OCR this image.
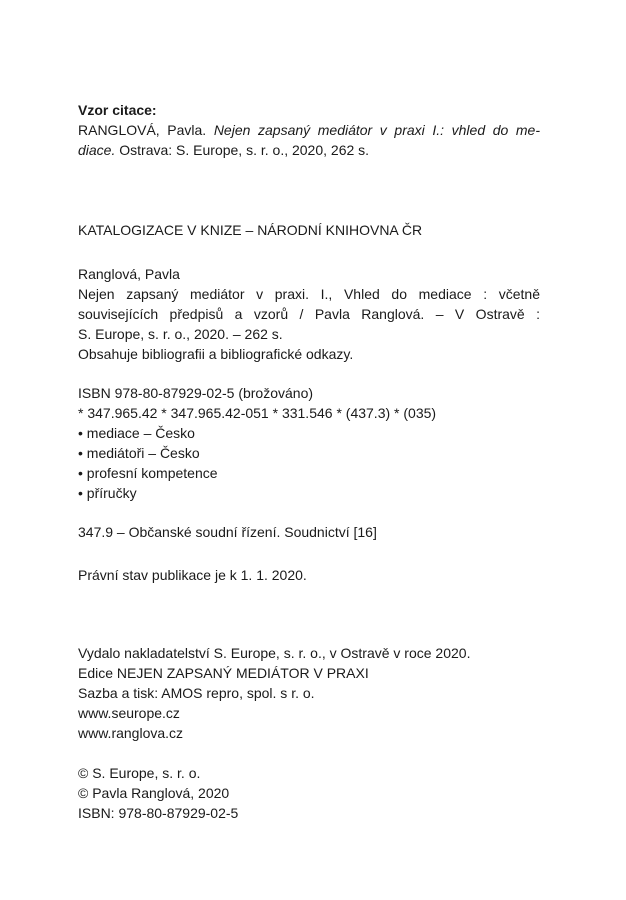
Vzor citace:
RANGLOVÁ, Pavla. Nejen zapsaný mediátor v praxi I.: vhled do me-
diace. Ostrava: S. Europe, s. r. o., 2020, 262 s.
KATALOGIZACE V KNIZE – NÁRODNÍ KNIHOVNA ČR
Ranglová, Pavla
Nejen zapsaný mediátor v praxi. I., Vhled do mediace : včetně
souvisejících předpisů a vzorů / Pavla Ranglová. – V Ostravě :
S. Europe, s. r. o., 2020. – 262 s.
Obsahuje bibliografii a bibliografické odkazy.
ISBN 978-80-87929-02-5 (brožováno)
* 347.965.42 * 347.965.42-051 * 331.546 * (437.3) * (035)
• mediace – Česko
• mediátoři – Česko
• profesní kompetence
• příručky
347.9 – Občanské soudní řízení. Soudnictví [16]
Právní stav publikace je k 1. 1. 2020.
Vydalo nakladatelství S. Europe, s. r. o., v Ostravě v roce 2020.
Edice NEJEN ZAPSANÝ MEDIÁTOR V PRAXI
Sazba a tisk: AMOS repro, spol. s r. o.
www.seurope.cz
www.ranglova.cz
© S. Europe, s. r. o.
© Pavla Ranglová, 2020
ISBN: 978-80-87929-02-5
